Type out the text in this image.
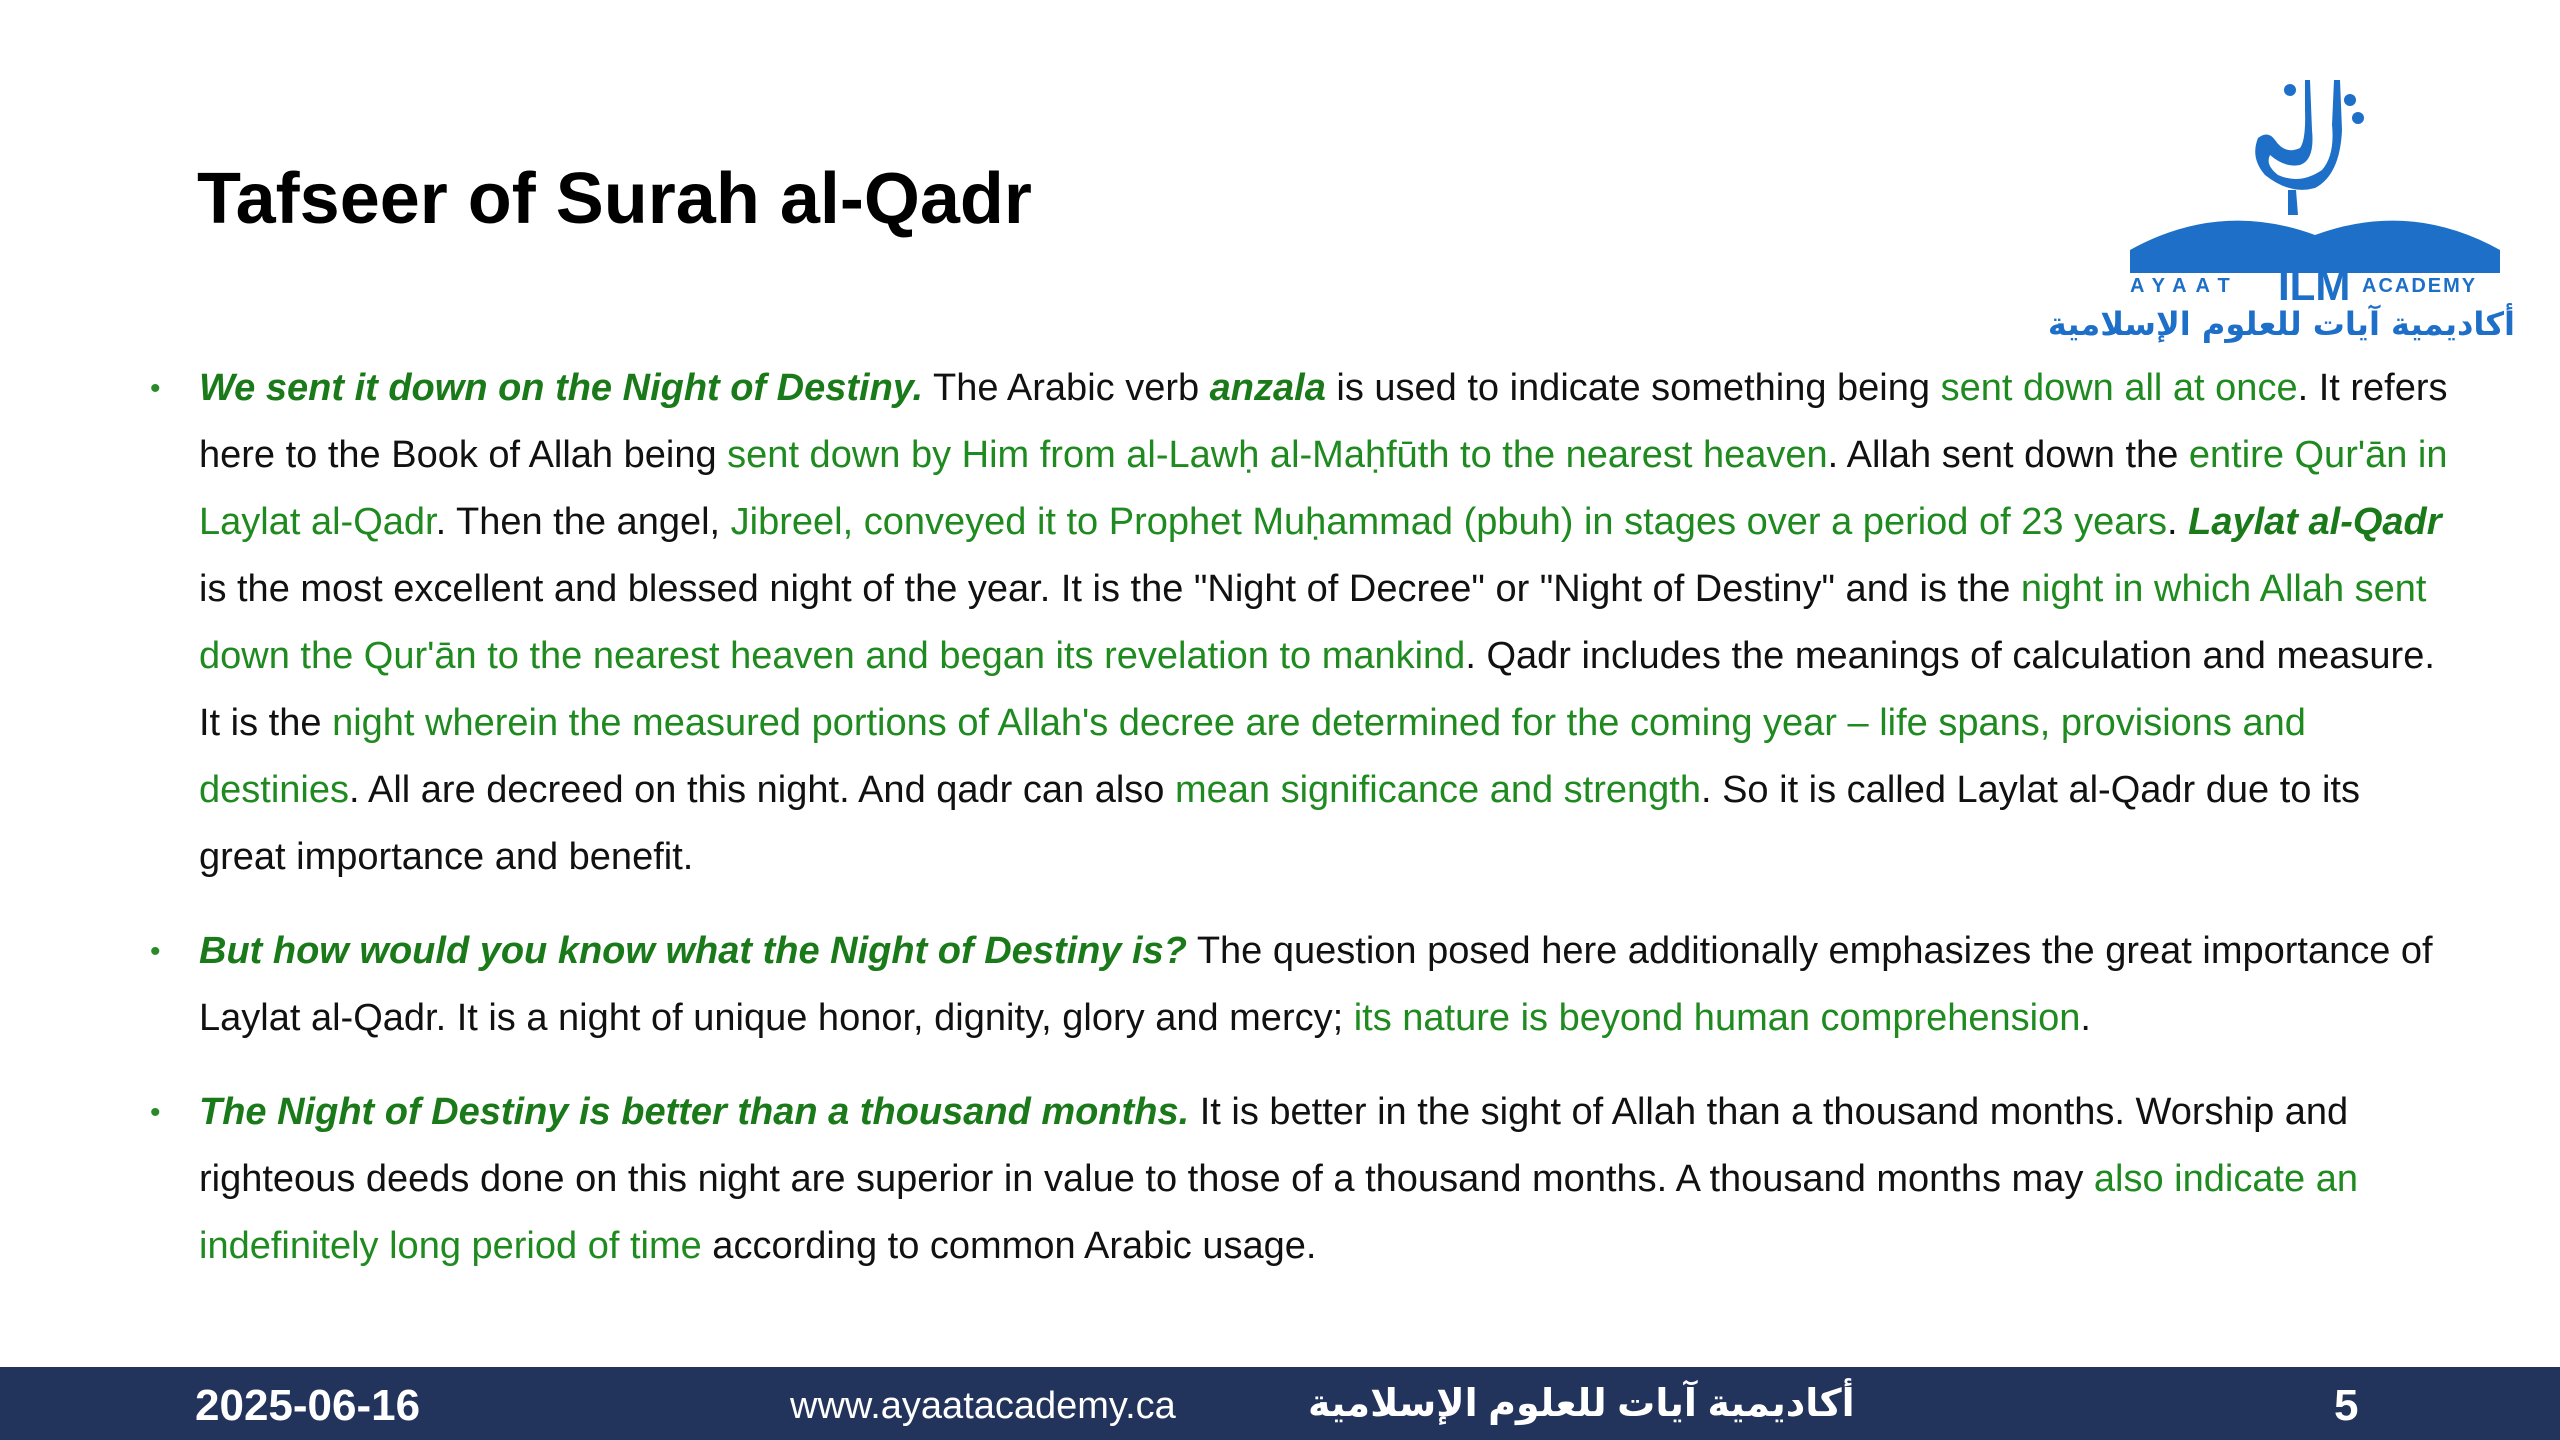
Tafseer of Surah al-Qadr
AYAAT ILM ACADEMY
أكاديمية آيات للعلوم الإسلامية

• We sent it down on the Night of Destiny. The Arabic verb anzala is used to indicate something being sent down all at once. It refers here to the Book of Allah being sent down by Him from al-Lawḥ al-Maḥfūth to the nearest heaven. Allah sent down the entire Qur'ān in Laylat al-Qadr. Then the angel, Jibreel, conveyed it to Prophet Muḥammad (pbuh) in stages over a period of 23 years. Laylat al-Qadr is the most excellent and blessed night of the year. It is the "Night of Decree" or "Night of Destiny" and is the night in which Allah sent down the Qur'ān to the nearest heaven and began its revelation to mankind. Qadr includes the meanings of calculation and measure. It is the night wherein the measured portions of Allah's decree are determined for the coming year – life spans, provisions and destinies. All are decreed on this night. And qadr can also mean significance and strength. So it is called Laylat al-Qadr due to its great importance and benefit.

• But how would you know what the Night of Destiny is? The question posed here additionally emphasizes the great importance of Laylat al-Qadr. It is a night of unique honor, dignity, glory and mercy; its nature is beyond human comprehension.

• The Night of Destiny is better than a thousand months. It is better in the sight of Allah than a thousand months. Worship and righteous deeds done on this night are superior in value to those of a thousand months. A thousand months may also indicate an indefinitely long period of time according to common Arabic usage.

2025-06-16	www.ayaatacademy.ca	أكاديمية آيات للعلوم الإسلامية	5
